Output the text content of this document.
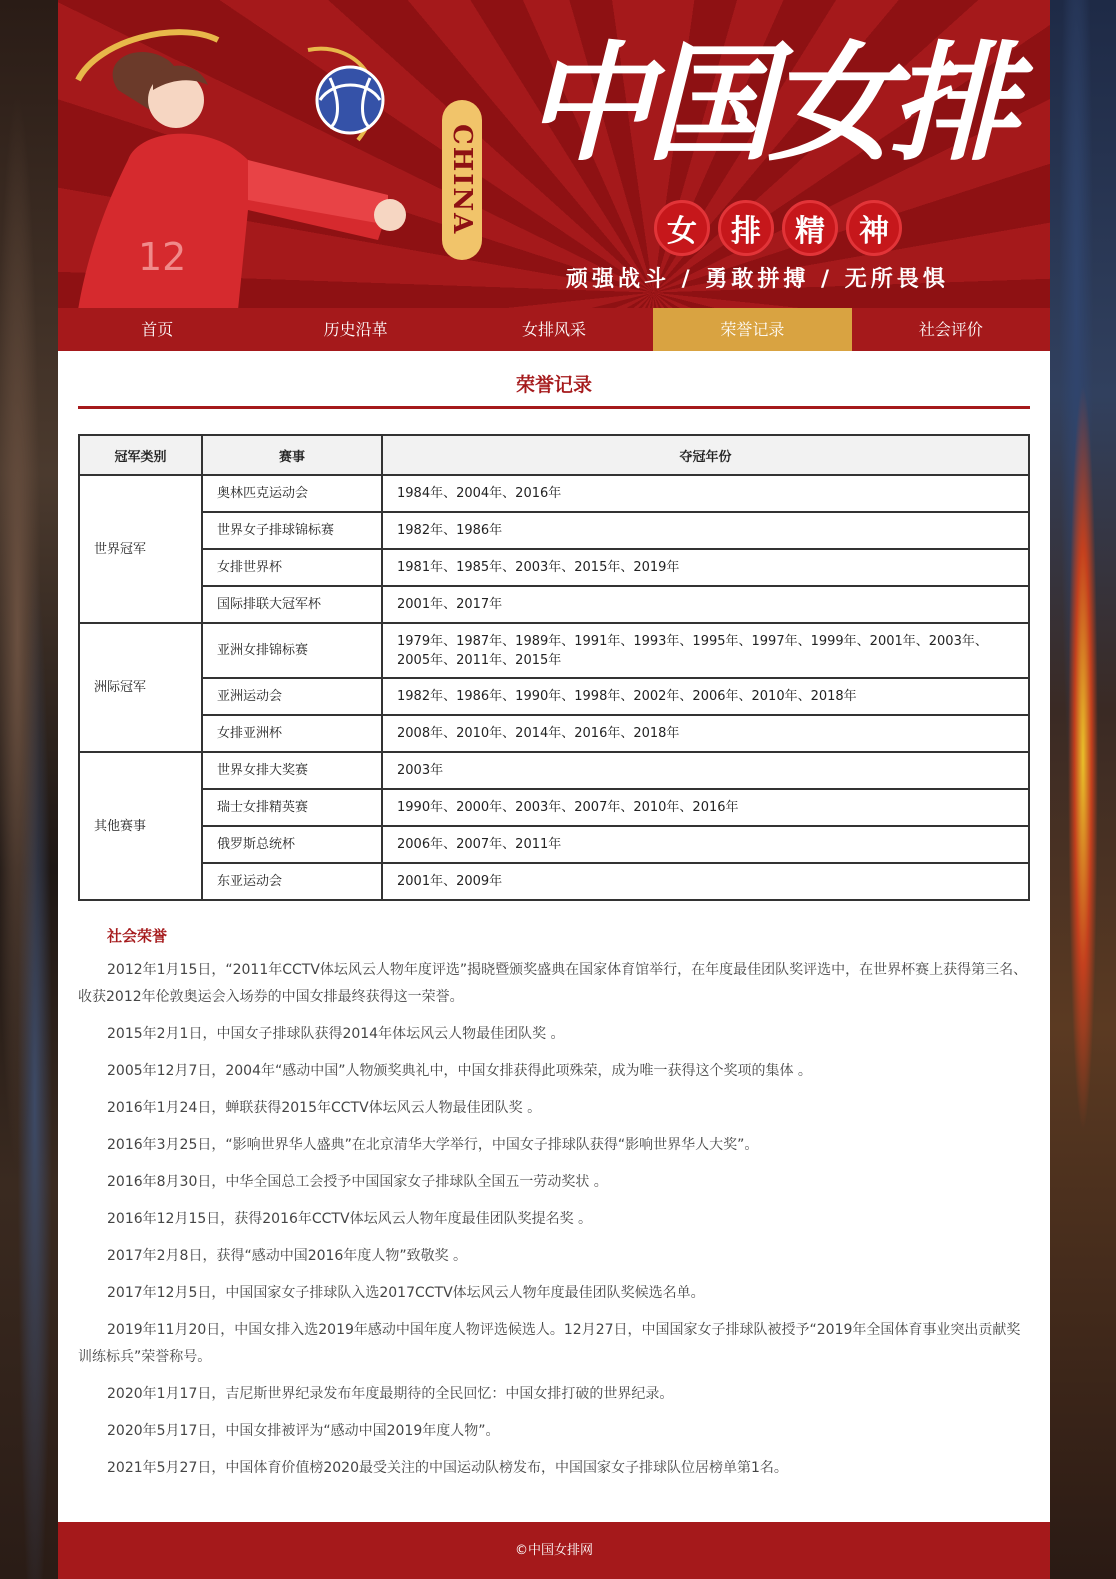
12
CHINA
中国女排
女	排	精	神
顽强战斗 / 勇敢拼搏 / 无所畏惧
首页	历史沿革	女排风采	荣誉记录	社会评价
荣誉记录
冠军类别	赛事	夺冠年份
世界冠军	奥林匹克运动会	1984年、2004年、2016年
	世界女子排球锦标赛	1982年、1986年
	女排世界杯	1981年、1985年、2003年、2015年、2019年
	国际排联大冠军杯	2001年、2017年
洲际冠军	亚洲女排锦标赛	1979年、1987年、1989年、1991年、1993年、1995年、1997年、1999年、2001年、2003年、2005年、2011年、2015年
	亚洲运动会	1982年、1986年、1990年、1998年、2002年、2006年、2010年、2018年
	女排亚洲杯	2008年、2010年、2014年、2016年、2018年
其他赛事	世界女排大奖赛	2003年
	瑞士女排精英赛	1990年、2000年、2003年、2007年、2010年、2016年
	俄罗斯总统杯	2006年、2007年、2011年
	东亚运动会	2001年、2009年
社会荣誉

2012年1月15日，“2011年CCTV体坛风云人物年度评选”揭晓暨颁奖盛典在国家体育馆举行，在年度最佳团队奖评选中，在世界杯赛上获得第三名、收获2012年伦敦奥运会入场券的中国女排最终获得这一荣誉。

2015年2月1日，中国女子排球队获得2014年体坛风云人物最佳团队奖 。

2005年12月7日，2004年“感动中国”人物颁奖典礼中，中国女排获得此项殊荣，成为唯一获得这个奖项的集体 。

2016年1月24日，蝉联获得2015年CCTV体坛风云人物最佳团队奖 。

2016年3月25日，“影响世界华人盛典”在北京清华大学举行，中国女子排球队获得“影响世界华人大奖”。

2016年8月30日，中华全国总工会授予中国国家女子排球队全国五一劳动奖状 。

2016年12月15日，获得2016年CCTV体坛风云人物年度最佳团队奖提名奖 。

2017年2月8日，获得“感动中国2016年度人物”致敬奖 。

2017年12月5日，中国国家女子排球队入选2017CCTV体坛风云人物年度最佳团队奖候选名单。

2019年11月20日，中国女排入选2019年感动中国年度人物评选候选人。12月27日，中国国家女子排球队被授予“2019年全国体育事业突出贡献奖训练标兵”荣誉称号。

2020年1月17日，吉尼斯世界纪录发布年度最期待的全民回忆：中国女排打破的世界纪录。

2020年5月17日，中国女排被评为“感动中国2019年度人物”。

2021年5月27日，中国体育价值榜2020最受关注的中国运动队榜发布，中国国家女子排球队位居榜单第1名。

©中国女排网
